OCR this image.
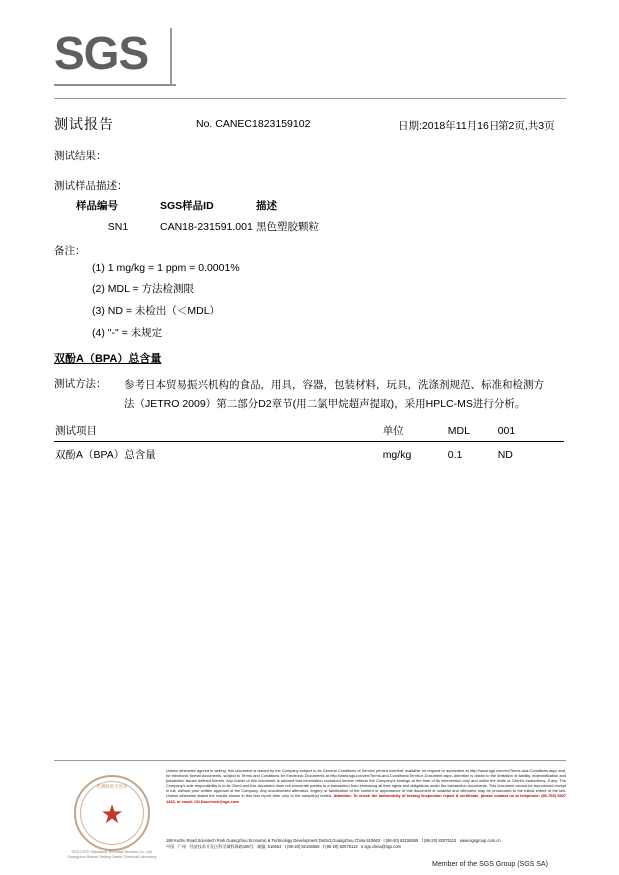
SGS
测试报告	No. CANEC1823159102	日期:2018年11月16日
第2页,共3页
测试结果：
测试样品描述：
样品编号	SGS样品ID	描述
SN1	CAN18-231591.001	黑色塑胶颗粒
备注：
(1) 1 mg/kg = 1 ppm = 0.0001%
(2) MDL = 方法检测限
(3) ND = 未检出（＜MDL）
(4) "-" = 未规定
双酚A（BPA）总含量
测试方法： 参考日本贸易振兴机构的食品，用具，容器，包装材料，玩具，洗涤剂规范、标准和检测方法（JETRO 2009）第二部分D2章节(用二氯甲烷超声提取)，采用HPLC-MS进行分析。
测试项目	单位	MDL	001
双酚A（BPA）总含量	mg/kg	0.1	ND
★
检测检验专用章
SGS-CSTC Standards Technical Services Co., Ltd.
Guangzhou Branch Testing Center Chemical Laboratory
Unless otherwise agreed in writing, this document is issued by the Company subject to its General Conditions of Service printed overleaf, available on request or accessible at http://www.sgs.com/en/Terms-and-Conditions.aspx and, for electronic format documents, subject to Terms and Conditions for Electronic Documents at http://www.sgs.com/en/Terms-and-Conditions/Terms-e-Document.aspx. Attention is drawn to the limitation of liability, indemnification and jurisdiction issues defined therein. Any holder of this document is advised that information contained hereon reflects the Company's findings at the time of its intervention only and within the limits of Client's instructions, if any. The Company's sole responsibility is to its Client and this document does not exonerate parties to a transaction from exercising all their rights and obligations under the transaction documents. This document cannot be reproduced except in full, without prior written approval of the Company. Any unauthorized alteration, forgery or falsification of the content or appearance of this document is unlawful and offenders may be prosecuted to the fullest extent of the law. Unless otherwise stated the results shown in this test report refer only to the sample(s) tested. Attention: To check the authenticity of testing /inspection report & certificate, please contact us at telephone: (86-755) 8307 1443, or email: CN.Doccheck@sgs.com
198 Kezhu Road,Scientech Park Guangzhou Economic & Technology Development District,Guangzhou,China 510663 t (86-20) 82155555 f (86-20) 82075113 www.sgsgroup.com.cn
中国 · 广州 · 经济技术开发区科学城科珠路198号 邮编: 510663 t (86-20) 82155555 f (86-20) 82075113 e sgs.china@sgs.com
Member of the SGS Group (SGS SA)
